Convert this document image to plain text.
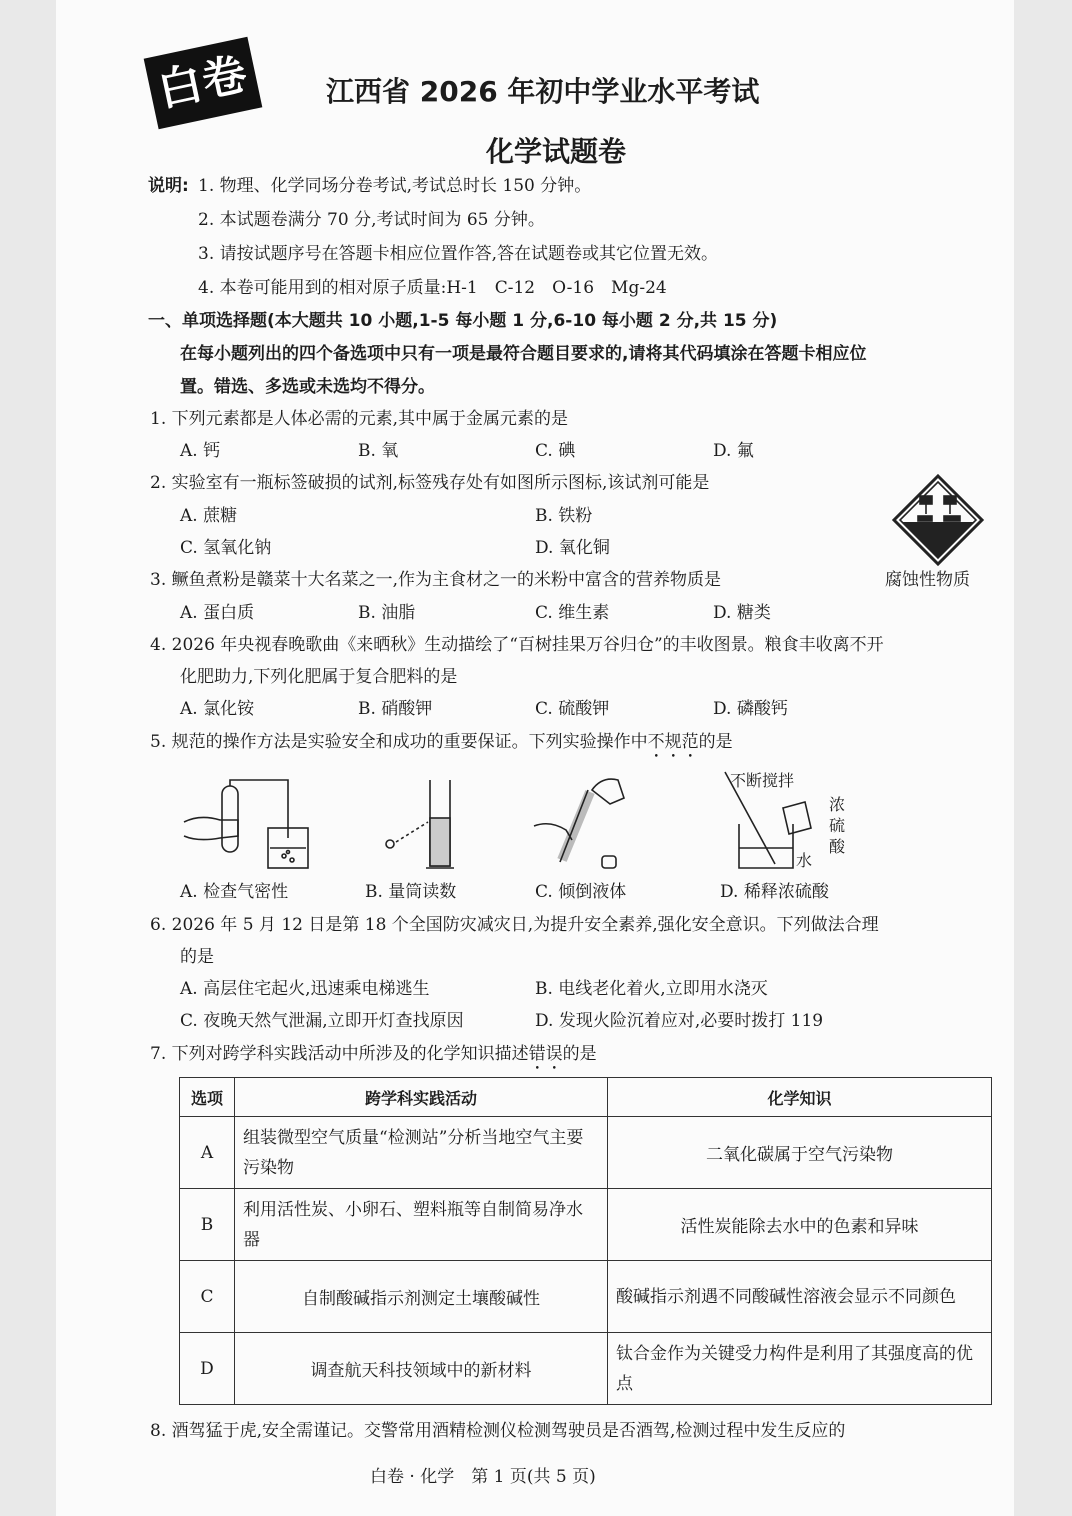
白卷	江西省 2026 年初中学业水平考试
化学试题卷
说明: 1. 物理、化学同场分卷考试,考试总时长 150 分钟。
2. 本试题卷满分 70 分,考试时间为 65 分钟。
3. 请按试题序号在答题卡相应位置作答,答在试题卷或其它位置无效。
4. 本卷可能用到的相对原子质量:H-1　C-12　O-16　Mg-24
一、单项选择题(本大题共 10 小题,1-5 每小题 1 分,6-10 每小题 2 分,共 15 分)
在每小题列出的四个备选项中只有一项是最符合题目要求的,请将其代码填涂在答题卡相应位
置。错选、多选或未选均不得分。
1. 下列元素都是人体必需的元素,其中属于金属元素的是
A. 钙	B. 氧	C. 碘	D. 氟
2. 实验室有一瓶标签破损的试剂,标签残存处有如图所示图标,该试剂可能是
A. 蔗糖	B. 铁粉
C. 氢氧化钠	D. 氧化铜
腐蚀性物质
3. 鳜鱼煮粉是赣菜十大名菜之一,作为主食材之一的米粉中富含的营养物质是
A. 蛋白质	B. 油脂	C. 维生素	D. 糖类
4. 2026 年央视春晚歌曲《来晒秋》生动描绘了“百树挂果万谷归仓”的丰收图景。粮食丰收离不开
化肥助力,下列化肥属于复合肥料的是
A. 氯化铵	B. 硝酸钾	C. 硫酸钾	D. 磷酸钙
5. 规范的操作方法是实验安全和成功的重要保证。下列实验操作中不规范的是
不断搅拌
浓硫酸
水
A. 检查气密性	B. 量筒读数	C. 倾倒液体	D. 稀释浓硫酸
6. 2026 年 5 月 12 日是第 18 个全国防灾减灾日,为提升安全素养,强化安全意识。下列做法合理
的是
A. 高层住宅起火,迅速乘电梯逃生	B. 电线老化着火,立即用水浇灭
C. 夜晚天然气泄漏,立即开灯查找原因	D. 发现火险沉着应对,必要时拨打 119
7. 下列对跨学科实践活动中所涉及的化学知识描述错误的是
选项	跨学科实践活动	化学知识
A	组装微型空气质量“检测站”分析当地空气主要污染物	二氧化碳属于空气污染物
B	利用活性炭、小卵石、塑料瓶等自制简易净水器	活性炭能除去水中的色素和异味
C	自制酸碱指示剂测定土壤酸碱性	酸碱指示剂遇不同酸碱性溶液会显示不同颜色
D	调查航天科技领域中的新材料	钛合金作为关键受力构件是利用了其强度高的优点
8. 酒驾猛于虎,安全需谨记。交警常用酒精检测仪检测驾驶员是否酒驾,检测过程中发生反应的
白卷 · 化学　第 1 页(共 5 页)
